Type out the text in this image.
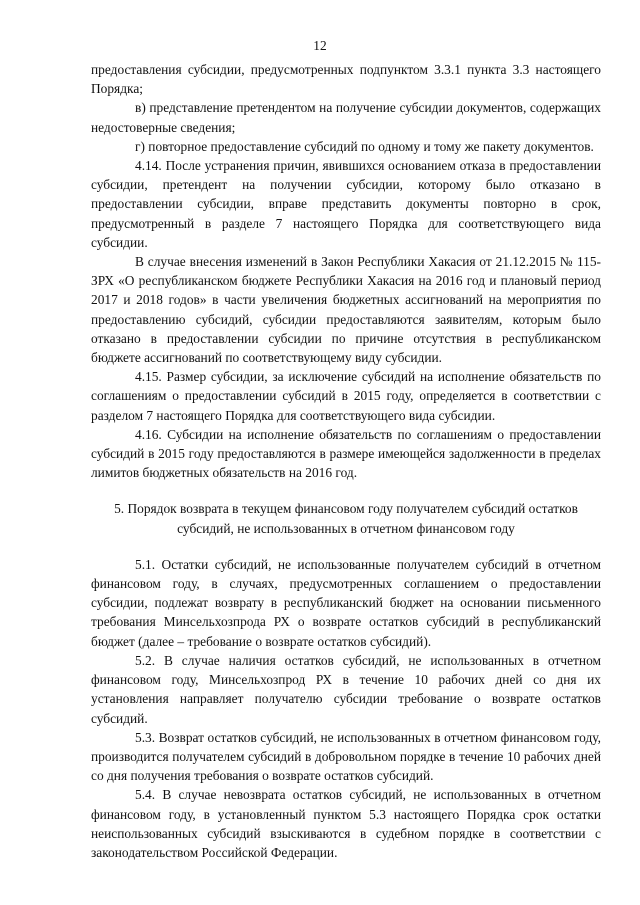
12

предоставления субсидии, предусмотренных подпунктом 3.3.1 пункта 3.3 настоящего Порядка;

в) представление претендентом на получение субсидии документов, содержащих недостоверные сведения;

г) повторное предоставление субсидий по одному и тому же пакету документов.

4.14. После устранения причин, явившихся основанием отказа в предоставлении субсидии, претендент на получении субсидии, которому было отказано в предоставлении субсидии, вправе представить документы повторно в срок, предусмотренный в разделе 7 настоящего Порядка для соответствующего вида субсидии.

В случае внесения изменений в Закон Республики Хакасия от 21.12.2015 № 115-ЗРХ «О республиканском бюджете Республики Хакасия на 2016 год и плановый период 2017 и 2018 годов» в части увеличения бюджетных ассигнований на мероприятия по предоставлению субсидий, субсидии предоставляются заявителям, которым было отказано в предоставлении субсидии по причине отсутствия в республиканском бюджете ассигнований по соответствующему виду субсидии.

4.15. Размер субсидии, за исключение субсидий на исполнение обязательств по соглашениям о предоставлении субсидий в 2015 году, определяется в соответствии с разделом 7 настоящего Порядка для соответствующего вида субсидии.

4.16. Субсидии на исполнение обязательств по соглашениям о предоставлении субсидий в 2015 году предоставляются в размере имеющейся задолженности в пределах лимитов бюджетных обязательств на 2016 год.

5. Порядок возврата в текущем финансовом году получателем субсидий остатков
субсидий, не использованных в отчетном финансовом году

5.1. Остатки субсидий, не использованные получателем субсидий в отчетном финансовом году, в случаях, предусмотренных соглашением о предоставлении субсидии, подлежат возврату в республиканский бюджет на основании письменного требования Минсельхозпрода РХ о возврате остатков субсидий в республиканский бюджет (далее – требование о возврате остатков субсидий).

5.2. В случае наличия остатков субсидий, не использованных в отчетном финансовом году, Минсельхозпрод РХ в течение 10 рабочих дней со дня их установления направляет получателю субсидии требование о возврате остатков субсидий.

5.3. Возврат остатков субсидий, не использованных в отчетном финансовом году, производится получателем субсидий в добровольном порядке в течение 10 рабочих дней со дня получения требования о возврате остатков субсидий.

5.4. В случае невозврата остатков субсидий, не использованных в отчетном финансовом году, в установленный пунктом 5.3 настоящего Порядка срок остатки неиспользованных субсидий взыскиваются в судебном порядке в соответствии с законодательством Российской Федерации.
